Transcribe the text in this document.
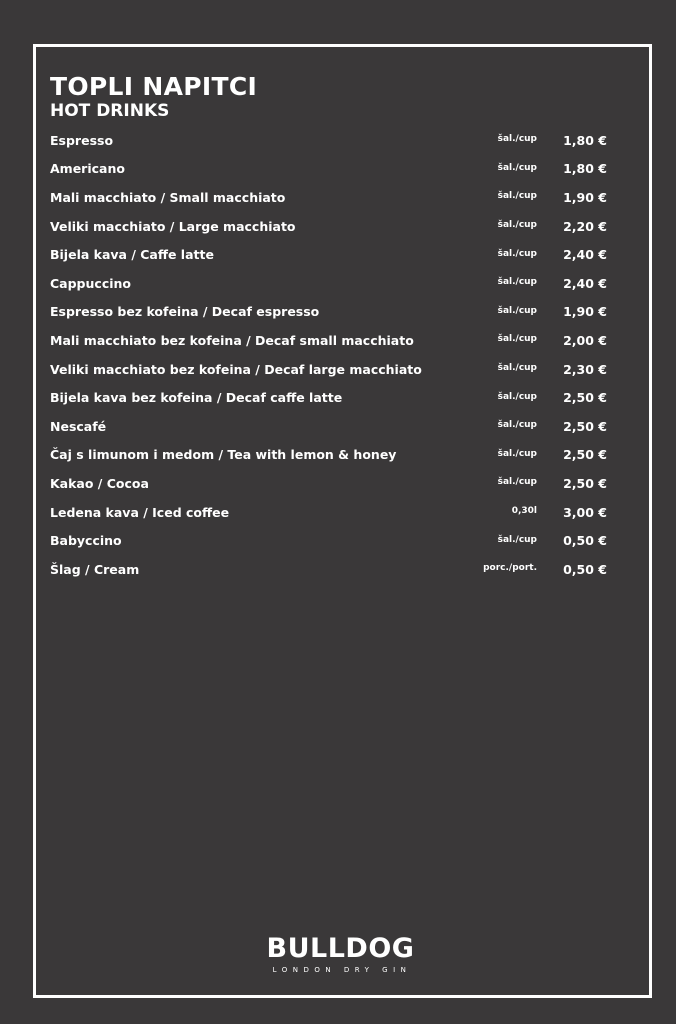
TOPLI NAPITCI
HOT DRINKS
Espresso	šal./cup 1,80 €
Americano	šal./cup 1,80 €
Mali macchiato / Small macchiato	šal./cup 1,90 €
Veliki macchiato / Large macchiato	šal./cup 2,20 €
Bijela kava / Caffe latte	šal./cup 2,40 €
Cappuccino	šal./cup 2,40 €
Espresso bez kofeina / Decaf espresso	šal./cup 1,90 €
Mali macchiato bez kofeina / Decaf small macchiato	šal./cup 2,00 €
Veliki macchiato bez kofeina / Decaf large macchiato	šal./cup 2,30 €
Bijela kava bez kofeina / Decaf caffe latte	šal./cup 2,50 €
Nescafé	šal./cup 2,50 €
Čaj s limunom i medom / Tea with lemon & honey	šal./cup 2,50 €
Kakao / Cocoa	šal./cup 2,50 €
Ledena kava / Iced coffee	0,30l 3,00 €
Babyccino	šal./cup 0,50 €
Šlag / Cream	porc./port. 0,50 €
BULLDOG
LONDON DRY GIN
